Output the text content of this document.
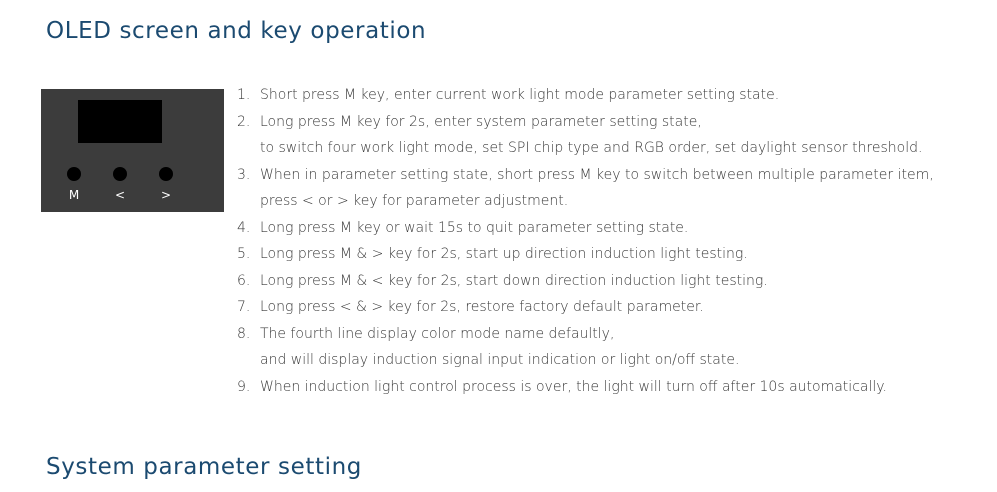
OLED screen and key operation
M	<	>
1. Short press M key, enter current work light mode parameter setting state.
2. Long press M key for 2s, enter system parameter setting state,
to switch four work light mode, set SPI chip type and RGB order, set daylight sensor threshold.
3. When in parameter setting state, short press M key to switch between multiple parameter item,
press < or > key for parameter adjustment.
4. Long press M key or wait 15s to quit parameter setting state.
5. Long press M & > key for 2s, start up direction induction light testing.
6. Long press M & < key for 2s, start down direction induction light testing.
7. Long press < & > key for 2s, restore factory default parameter.
8. The fourth line display color mode name defaultly,
and will display induction signal input indication or light on/off state.
9. When induction light control process is over, the light will turn off after 10s automatically.
System parameter setting
